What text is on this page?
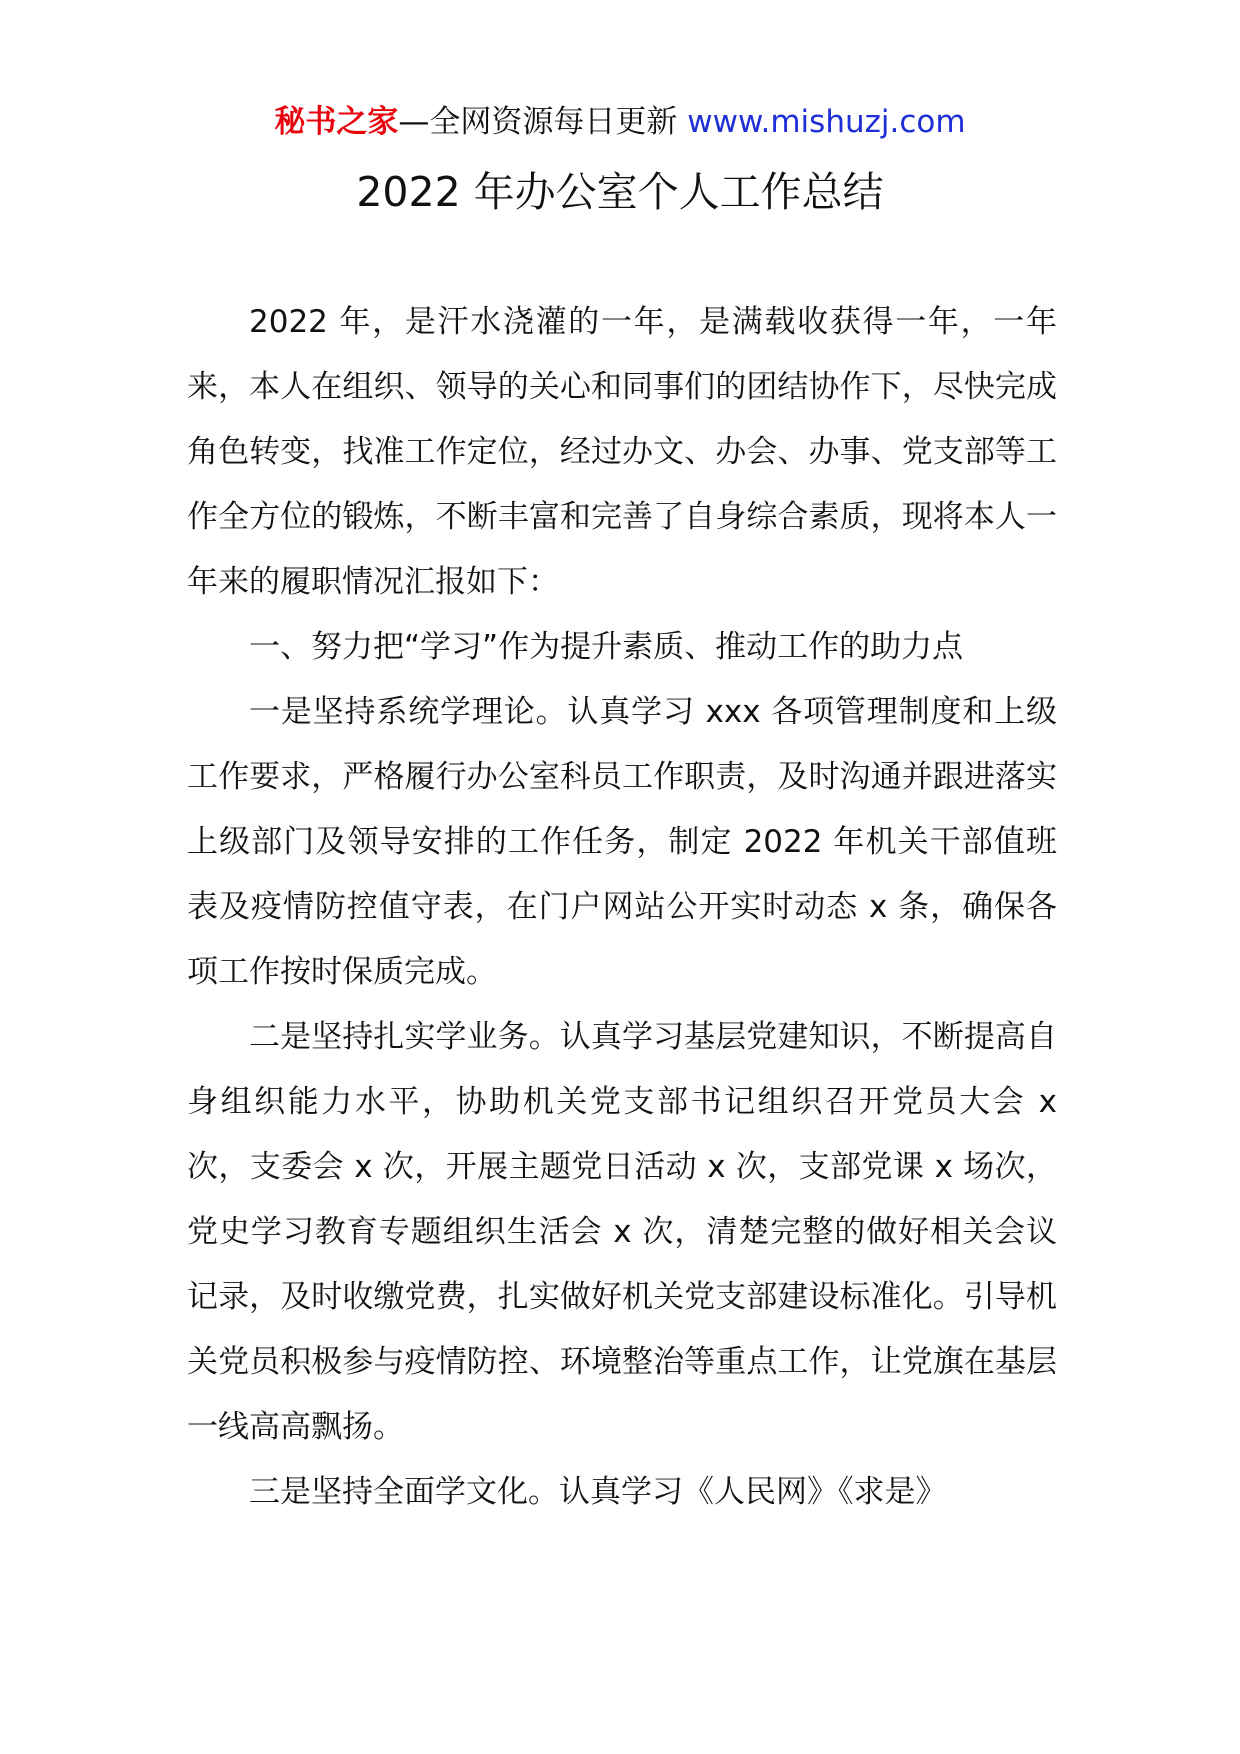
秘书之家—全网资源每日更新 www.mishuzj.com
2022 年办公室个人工作总结

2022 年，是汗水浇灌的一年，是满载收获得一年，一年来，本人在组织、领导的关心和同事们的团结协作下，尽快完成角色转变，找准工作定位，经过办文、办会、办事、党支部等工作全方位的锻炼，不断丰富和完善了自身综合素质，现将本人一年来的履职情况汇报如下：

一、努力把“学习”作为提升素质、推动工作的助力点

一是坚持系统学理论。认真学习 xxx 各项管理制度和上级工作要求，严格履行办公室科员工作职责，及时沟通并跟进落实上级部门及领导安排的工作任务，制定 2022 年机关干部值班表及疫情防控值守表，在门户网站公开实时动态 x 条，确保各项工作按时保质完成。

二是坚持扎实学业务。认真学习基层党建知识，不断提高自身组织能力水平，协助机关党支部书记组织召开党员大会 x 次，支委会 x 次，开展主题党日活动 x 次，支部党课 x 场次，党史学习教育专题组织生活会 x 次，清楚完整的做好相关会议记录，及时收缴党费，扎实做好机关党支部建设标准化。引导机关党员积极参与疫情防控、环境整治等重点工作，让党旗在基层一线高高飘扬。

三是坚持全面学文化。认真学习《人民网》《求是》
